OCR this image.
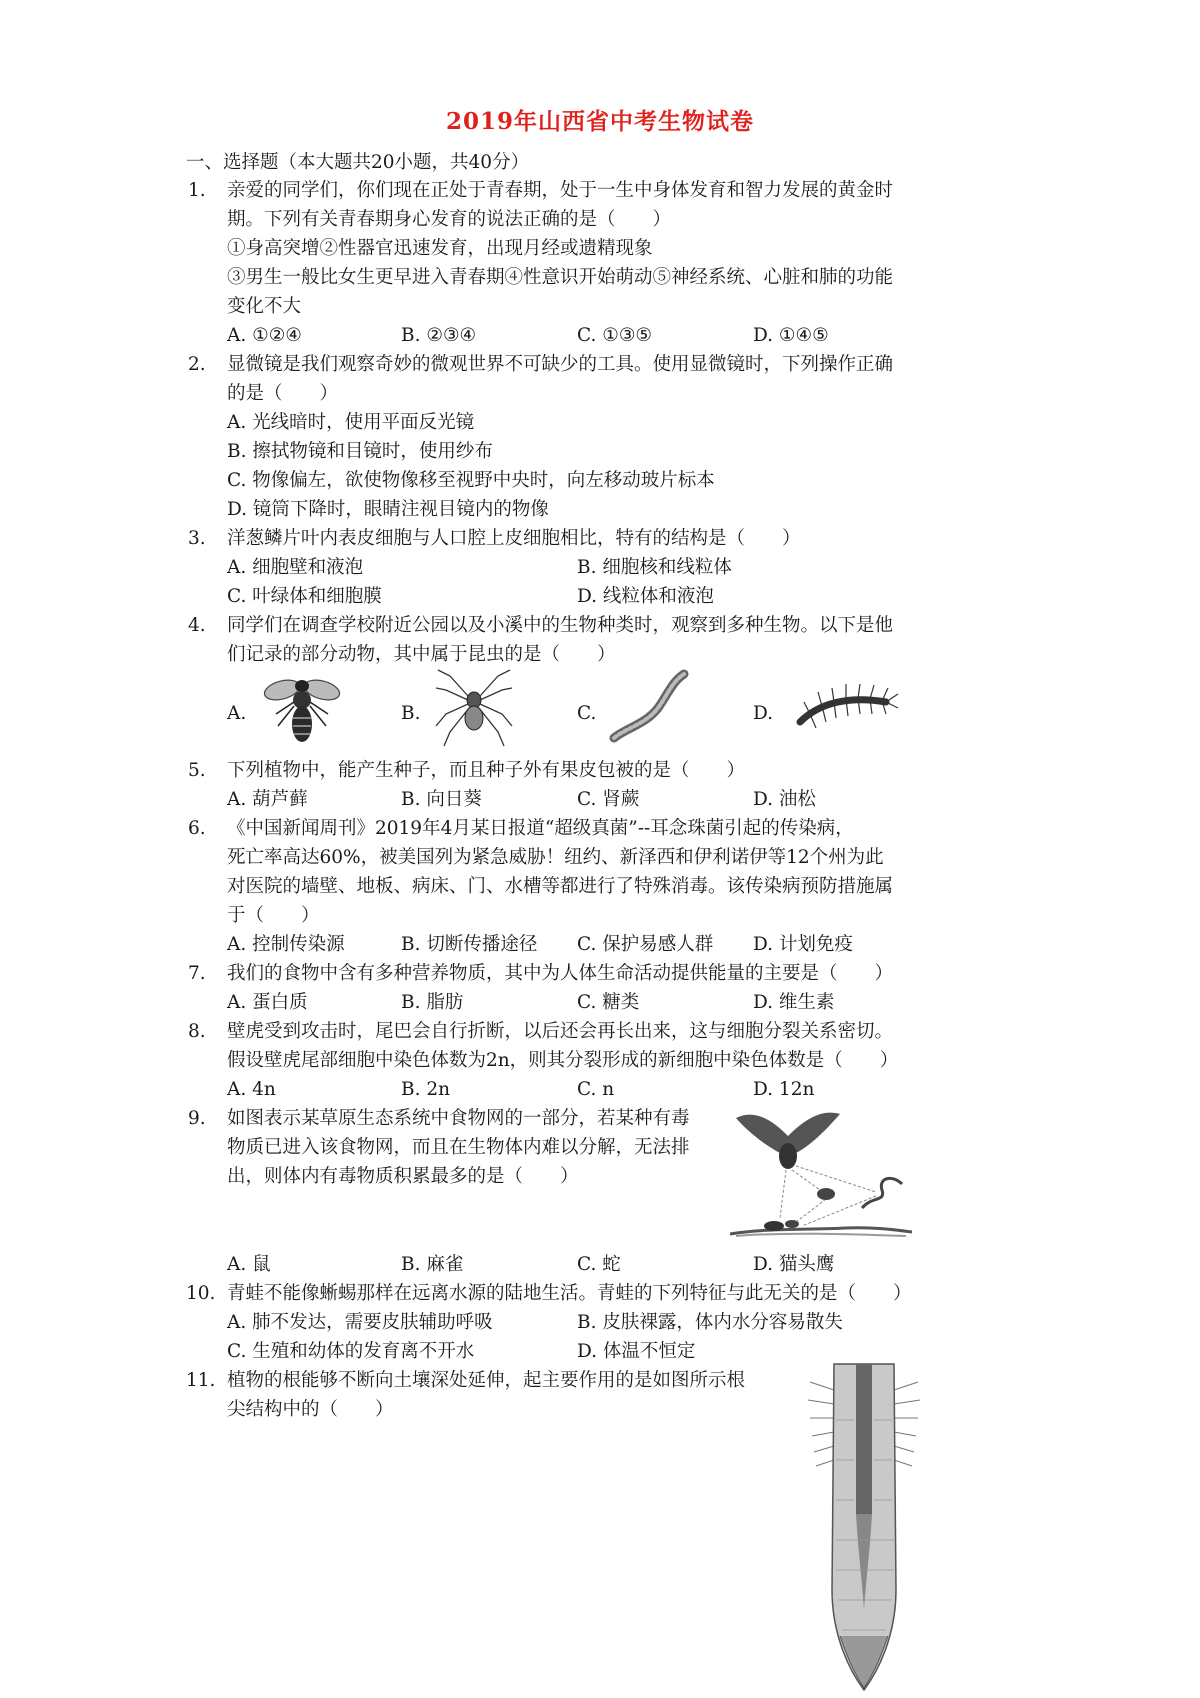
2019年山西省中考生物试卷
一、选择题（本大题共20小题，共40分）
1. 亲爱的同学们，你们现在正处于青春期，处于一生中身体发育和智力发展的黄金时
期。下列有关青春期身心发育的说法正确的是（　　）
①身高突增②性器官迅速发育，出现月经或遗精现象
③男生一般比女生更早进入青春期④性意识开始萌动⑤神经系统、心脏和肺的功能
变化不大
A. ①②④	B. ②③④	C. ①③⑤	D. ①④⑤
2. 显微镜是我们观察奇妙的微观世界不可缺少的工具。使用显微镜时，下列操作正确
的是（　　）
A. 光线暗时，使用平面反光镜
B. 擦拭物镜和目镜时，使用纱布
C. 物像偏左，欲使物像移至视野中央时，向左移动玻片标本
D. 镜筒下降时，眼睛注视目镜内的物像
3. 洋葱鳞片叶内表皮细胞与人口腔上皮细胞相比，特有的结构是（　　）
A. 细胞壁和液泡	B. 细胞核和线粒体
C. 叶绿体和细胞膜	D. 线粒体和液泡
4. 同学们在调查学校附近公园以及小溪中的生物种类时，观察到多种生物。以下是他
们记录的部分动物，其中属于昆虫的是（　　）
A.	B.	C.	D.
5. 下列植物中，能产生种子，而且种子外有果皮包被的是（　　）
A. 葫芦藓	B. 向日葵	C. 肾蕨	D. 油松
6. 《中国新闻周刊》2019年4月某日报道“超级真菌”--耳念珠菌引起的传染病，
死亡率高达60%，被美国列为紧急威胁！纽约、新泽西和伊利诺伊等12个州为此
对医院的墙壁、地板、病床、门、水槽等都进行了特殊消毒。该传染病预防措施属
于（　　）
A. 控制传染源	B. 切断传播途径 C. 保护易感人群 D. 计划免疫
7. 我们的食物中含有多种营养物质，其中为人体生命活动提供能量的主要是（　　）
A. 蛋白质	B. 脂肪	C. 糖类	D. 维生素
8. 壁虎受到攻击时，尾巴会自行折断，以后还会再长出来，这与细胞分裂关系密切。
假设壁虎尾部细胞中染色体数为2n，则其分裂形成的新细胞中染色体数是（　　）
A. 4n	B. 2n	C. n	D. 12n
9. 如图表示某草原生态系统中食物网的一部分，若某种有毒
物质已进入该食物网，而且在生物体内难以分解，无法排
出，则体内有毒物质积累最多的是（　　）
A. 鼠	B. 麻雀	C. 蛇	D. 猫头鹰
10. 青蛙不能像蜥蜴那样在远离水源的陆地生活。青蛙的下列特征与此无关的是（　　）
A. 肺不发达，需要皮肤辅助呼吸	B. 皮肤裸露，体内水分容易散失
C. 生殖和幼体的发育离不开水	D. 体温不恒定
11. 植物的根能够不断向土壤深处延伸，起主要作用的是如图所示根
尖结构中的（　　）
